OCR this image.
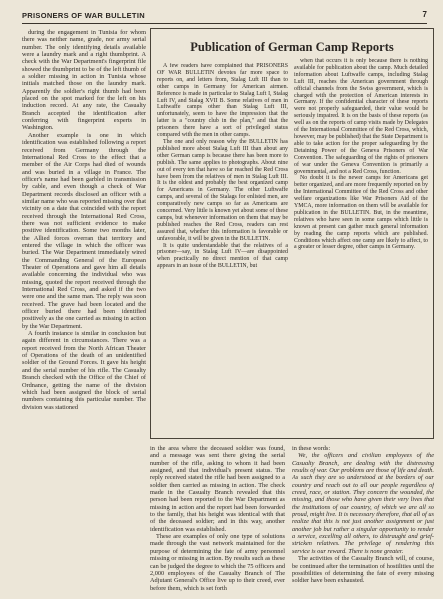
PRISONERS OF WAR BULLETIN	7

during the engagement in Tunisia for whom there was neither name, grade, nor army serial number. The only identifying details available were a laundry mark and a right thumbprint. A check with the War Department's fingerprint file showed the thumbprint to be of the left thumb of a soldier missing in action in Tunisia whose initials matched those on the laundry mark. Apparently the soldier's right thumb had been placed on the spot marked for the left on his induction record. At any rate, the Casualty Branch accepted the identification after conferring with fingerprint experts in Washington.

Another example is one in which identification was established following a report received from Germany through the International Red Cross to the effect that a member of the Air Corps had died of wounds and was buried in a village in France. The officer's name had been garbled in transmission by cable, and even though a check of War Department records disclosed an officer with a similar name who was reported missing over that vicinity on a date that coincided with the report received through the International Red Cross, there was not sufficient evidence to make positive identification. Some two months later, the Allied forces overran that territory and entered the village in which the officer was buried. The War Department immediately wired the Commanding General of the European Theater of Operations and gave him all details available concerning the individual who was missing, quoted the report received through the International Red Cross, and asked if the two were one and the same man. The reply was soon received. The grave had been located and the officer buried there had been identified positively as the one carried as missing in action by the War Department.

A fourth instance is similar in conclusion but again different in circumstances. There was a report received from the North African Theater of Operations of the death of an unidentified soldier of the Ground Forces. It gave his height and the serial number of his rifle. The Casualty Branch checked with the Office of the Chief of Ordnance, getting the name of the division which had been assigned the block of serial numbers containing this particular number. The division was stationed

Publication of German Camp Reports

A few readers have complained that PRISONERS OF WAR BULLETIN devotes far more space to reports on, and letters from, Stalag Luft III than to other camps in Germany for American airmen. Reference is made in particular to Stalag Luft I, Stalag Luft IV, and Stalag XVII B. Some relatives of men in Luftwaffe camps other than Stalag Luft III, unfortunately, seem to have the impression that the latter is a "country club in the plan," and that the prisoners there have a sort of privileged status compared with the men in other camps.

The one and only reason why the BULLETIN has published more about Stalag Luft III than about any other German camp is because there has been more to publish. The same applies to photographs. About nine out of every ten that have so far reached the Red Cross have been from the relatives of men in Stalag Luft III. It is the oldest and probably the best organized camp for Americans in Germany. The other Luftwaffe camps, and several of the Stalags for enlisted men, are comparatively new camps so far as Americans are concerned. Very little is known yet about some of these camps, but whenever information on them that may be published reaches the Red Cross, readers can rest assured that, whether this information is favorable or unfavorable, it will be given in the BULLETIN.

It is quite understandable that the relatives of a prisoner—say, in Stalag Luft IV—are disappointed when practically no direct mention of that camp appears in an issue of the BULLETIN, but

when that occurs it is only because there is nothing available for publication about the camp. Much detailed information about Luftwaffe camps, including Stalag Luft III, reaches the American government through official channels from the Swiss government, which is charged with the protection of American interests in Germany. If the confidential character of these reports were not properly safeguarded, their value would be seriously impaired. It is on the basis of these reports (as well as on the reports of camp visits made by Delegates of the International Committee of the Red Cross, which, however, may be published) that the State Department is able to take action for the proper safeguarding by the Detaining Power of the Geneva Prisoners of War Convention. The safeguarding of the rights of prisoners of war under the Geneva Convention is primarily a governmental, and not a Red Cross, function.

No doubt it is the newer camps for Americans get better organized, and are more frequently reported on by the International Committee of the Red Cross and other welfare organizations like War Prisoners Aid of the YMCA, more information on them will be available for publication in the BULLETIN. But, in the meantime, relatives who have seen in some camps which little is known at present can gather much general information by reading the camp reports which are published. Conditions which affect one camp are likely to affect, to a greater or lesser degree, other camps in Germany.

in the area where the deceased soldier was found, and a message was sent there giving the serial number of the rifle, asking to whom it had been assigned, and that individual's present status. The reply received stated the rifle had been assigned to a soldier then carried as missing in action. The check made in the Casualty Branch revealed that this person had been reported to the War Department as missing in action and the report had been forwarded to the family, that his height was identical with that of the deceased soldier; and in this way, another identification was established.

These are examples of only one type of solutions made through the vast network maintained for the purpose of determining the fate of army personnel missing or missing in action. By results such as these can be judged the degree to which the 75 officers and 2,000 employees of the Casualty Branch of The Adjutant General's Office live up to their creed, ever before them, which is set forth

in these words:

We, the officers and civilian employees of the Casualty Branch, are dealing with the distressing results of war. Our problems are those of life and death. As such they are so understood at the borders of our country and reach out to all our people regardless of creed, race, or station. They concern the wounded, the missing, and those who have given their very lives that the institutions of our country, of which we are all so proud, might live. It is necessary therefore, that all of us realize that this is not just another assignment or just another job but rather a singular opportunity to render a service, excelling all others, to distraught and grief-stricken relatives. The privilege of rendering this service is our reward. There is none greater.

The activities of the Casualty Branch will, of course, be continued after the termination of hostilities until the possibilities of determining the fate of every missing soldier have been exhausted.
